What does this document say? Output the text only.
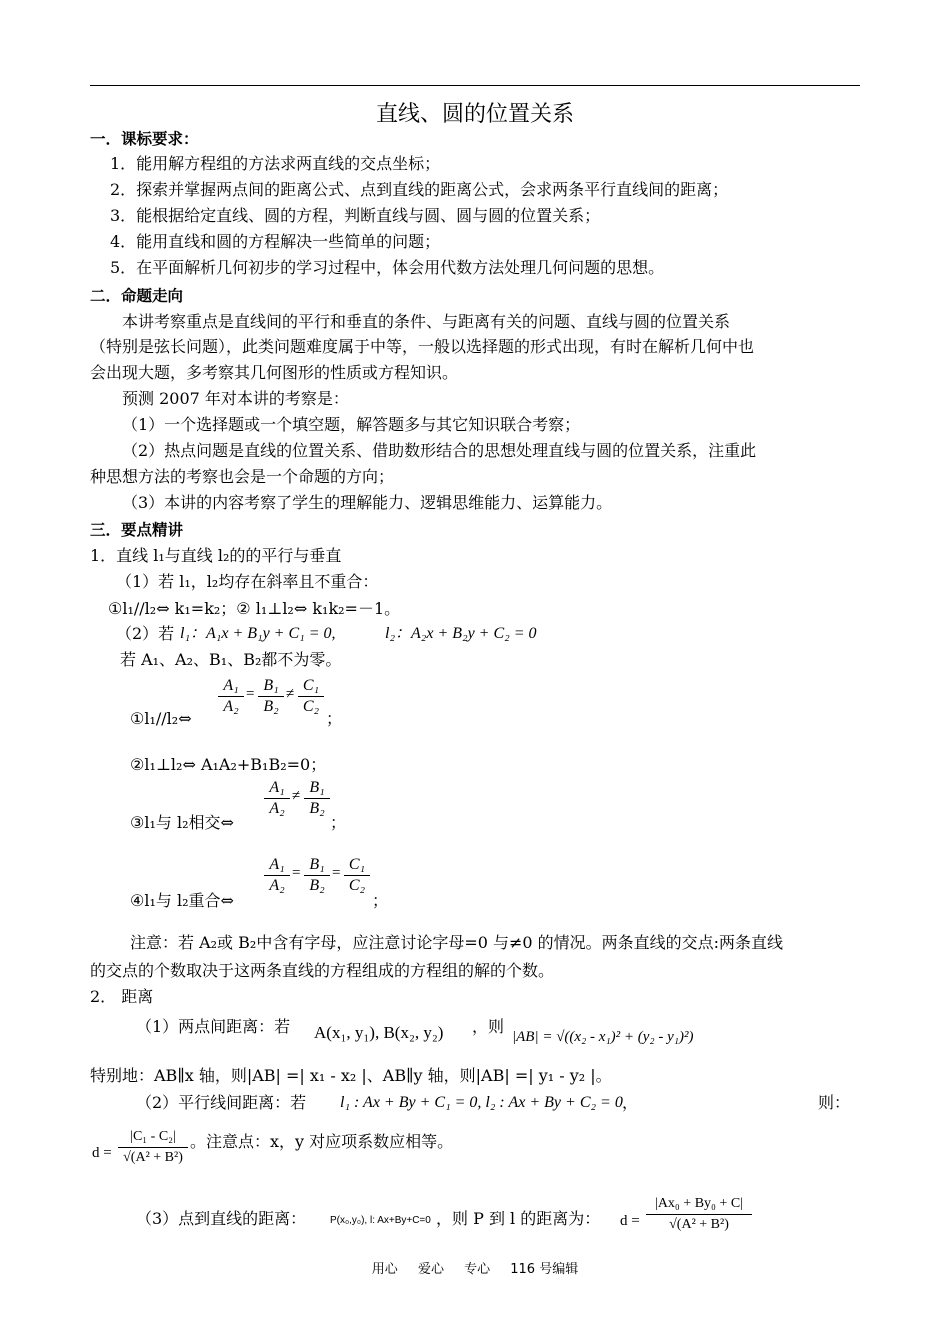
直线、圆的位置关系
一．课标要求：
1．能用解方程组的方法求两直线的交点坐标；
2．探索并掌握两点间的距离公式、点到直线的距离公式，会求两条平行直线间的距离；
3．能根据给定直线、圆的方程，判断直线与圆、圆与圆的位置关系；
4．能用直线和圆的方程解决一些简单的问题；
5．在平面解析几何初步的学习过程中，体会用代数方法处理几何问题的思想。
二．命题走向
本讲考察重点是直线间的平行和垂直的条件、与距离有关的问题、直线与圆的位置关系
（特别是弦长问题），此类问题难度属于中等，一般以选择题的形式出现，有时在解析几何中也
会出现大题，多考察其几何图形的性质或方程知识。
预测 2007 年对本讲的考察是：
（1）一个选择题或一个填空题，解答题多与其它知识联合考察；
（2）热点问题是直线的位置关系、借助数形结合的思想处理直线与圆的位置关系，注重此
种思想方法的考察也会是一个命题的方向；
（3）本讲的内容考察了学生的理解能力、逻辑思维能力、运算能力。
三．要点精讲
1．直线 l₁与直线 l₂的的平行与垂直
（1）若 l₁，l₂均存在斜率且不重合：
①l₁//l₂⇔ k₁=k₂；② l₁⊥l₂⇔ k₁k₂=－1。
（2）若 l₁：A₁x + B₁y + C₁ = 0,	l₂：A₂x + B₂y + C₂ = 0
若 A₁、A₂、B₁、B₂都不为零。
A₁
A₂
= B₁
B₂
≠ C₁
C₂
①l₁//l₂⇔	；
②l₁⊥l₂⇔ A₁A₂+B₁B₂=0；
A₁
A₂
≠ B₁
B₂
③l₁与 l₂相交⇔	；
A₁
A₂
= B₁
B₂
= C₁
C₂
④l₁与 l₂重合⇔	；
注意：若 A₂或 B₂中含有字母，应注意讨论字母=0 与≠0 的情况。两条直线的交点:两条直线
的交点的个数取决于这两条直线的方程组成的方程组的解的个数。
2． 距离
（1）两点间距离：若 A(x₁, y₁), B(x₂, y₂) ，则
|AB| = √((x₂ - x₁)² + (y₂ - y₁)²)
特别地：AB∥x 轴，则|AB| =| x₁ - x₂ |、AB∥y 轴，则|AB| =| y₁ - y₂ |。
（2）平行线间距离：若 l₁ : Ax + By + C₁ = 0, l₂ : Ax + By + C₂ = 0 ，	则：
d =
|C₁ - C₂|
√(A² + B²)
。注意点：x，y 对应项系数应相等。
（3）点到直线的距离： P(x₀,y₀), l: Ax+By+C=0 ，则 P 到 l 的距离为： d =
|Ax₀ + By₀ + C|
√(A² + B²)
用心 爱心 专心 116 号编辑
